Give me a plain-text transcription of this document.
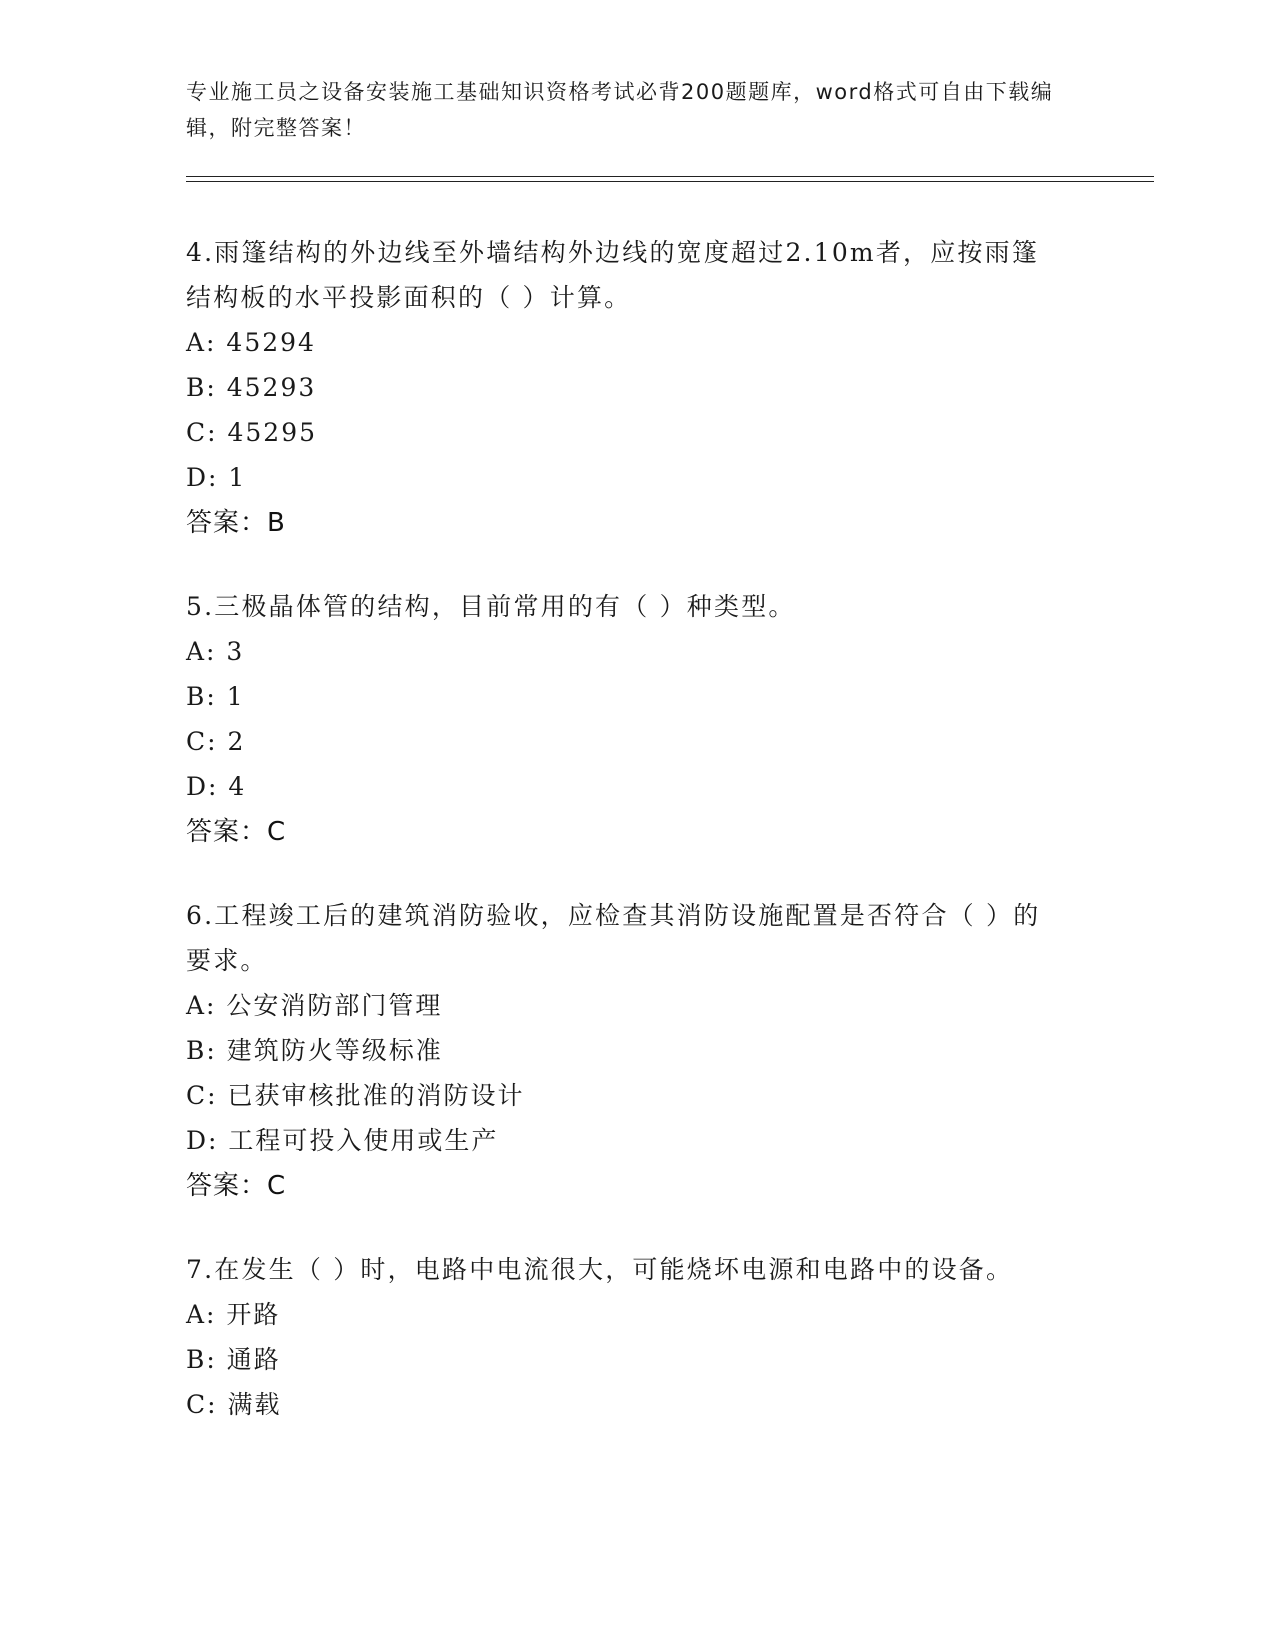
专业施工员之设备安装施工基础知识资格考试必背200题题库，word格式可自由下载编辑，附完整答案！

4.雨篷结构的外边线至外墙结构外边线的宽度超过2.10m者，应按雨篷结构板的水平投影面积的（ ）计算。

A: 45294
B: 45293
C: 45295
D: 1
答案：B

5.三极晶体管的结构，目前常用的有（ ）种类型。

A: 3
B: 1
C: 2
D: 4
答案：C

6.工程竣工后的建筑消防验收，应检查其消防设施配置是否符合（ ）的要求。

A: 公安消防部门管理
B: 建筑防火等级标准
C: 已获审核批准的消防设计
D: 工程可投入使用或生产
答案：C

7.在发生（ ）时，电路中电流很大，可能烧坏电源和电路中的设备。

A: 开路
B: 通路
C: 满载
